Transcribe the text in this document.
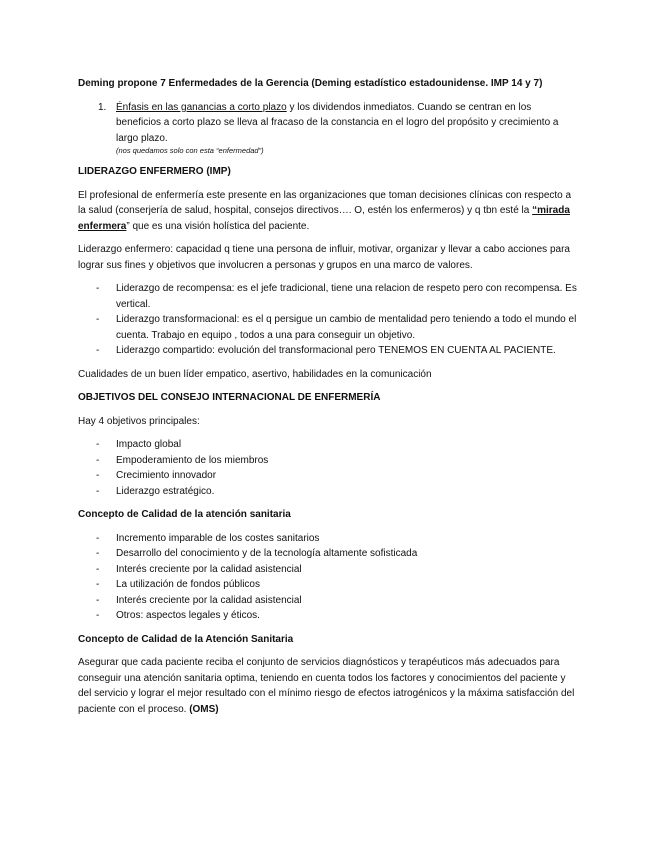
Deming propone 7 Enfermedades de la Gerencia (Deming estadístico estadounidense. IMP 14 y 7)

1. Énfasis en las ganancias a corto plazo y los dividendos inmediatos. Cuando se centran en los beneficios a corto plazo se lleva al fracaso de la constancia en el logro del propósito y crecimiento a largo plazo.
(nos quedamos solo con esta “enfermedad”)
LIDERAZGO ENFERMERO (IMP)

El profesional de enfermería este presente en las organizaciones que toman decisiones clínicas con respecto a la salud (conserjería de salud, hospital, consejos directivos…. O, estén los enfermeros) y q tbn esté la “mirada enfermera” que es una visión holística del paciente.

Liderazgo enfermero: capacidad q tiene una persona de influir, motivar, organizar y llevar a cabo acciones para lograr sus fines y objetivos que involucren a personas y grupos en una marco de valores.

- Liderazgo de recompensa: es el jefe tradicional, tiene una relacion de respeto pero con recompensa. Es vertical.
- Liderazgo transformacional: es el q persigue un cambio de mentalidad pero teniendo a todo el mundo el cuenta. Trabajo en equipo , todos a una para conseguir un objetivo.
- Liderazgo compartido: evolución del transformacional pero TENEMOS EN CUENTA AL PACIENTE.

Cualidades de un buen líder empatico, asertivo, habilidades en la comunicación

OBJETIVOS DEL CONSEJO INTERNACIONAL DE ENFERMERÍA

Hay 4 objetivos principales:

- Impacto global
- Empoderamiento de los miembros
- Crecimiento innovador
- Liderazgo estratégico.
Concepto de Calidad de la atención sanitaria
- Incremento imparable de los costes sanitarios
- Desarrollo del conocimiento y de la tecnología altamente sofisticada
- Interés creciente por la calidad asistencial
- La utilización de fondos públicos
- Interés creciente por la calidad asistencial
- Otros: aspectos legales y éticos.
Concepto de Calidad de la Atención Sanitaria

Asegurar que cada paciente reciba el conjunto de servicios diagnósticos y terapéuticos más adecuados para conseguir una atención sanitaria optima, teniendo en cuenta todos los factores y conocimientos del paciente y del servicio y lograr el mejor resultado con el mínimo riesgo de efectos iatrogénicos y la máxima satisfacción del paciente con el proceso. (OMS)
